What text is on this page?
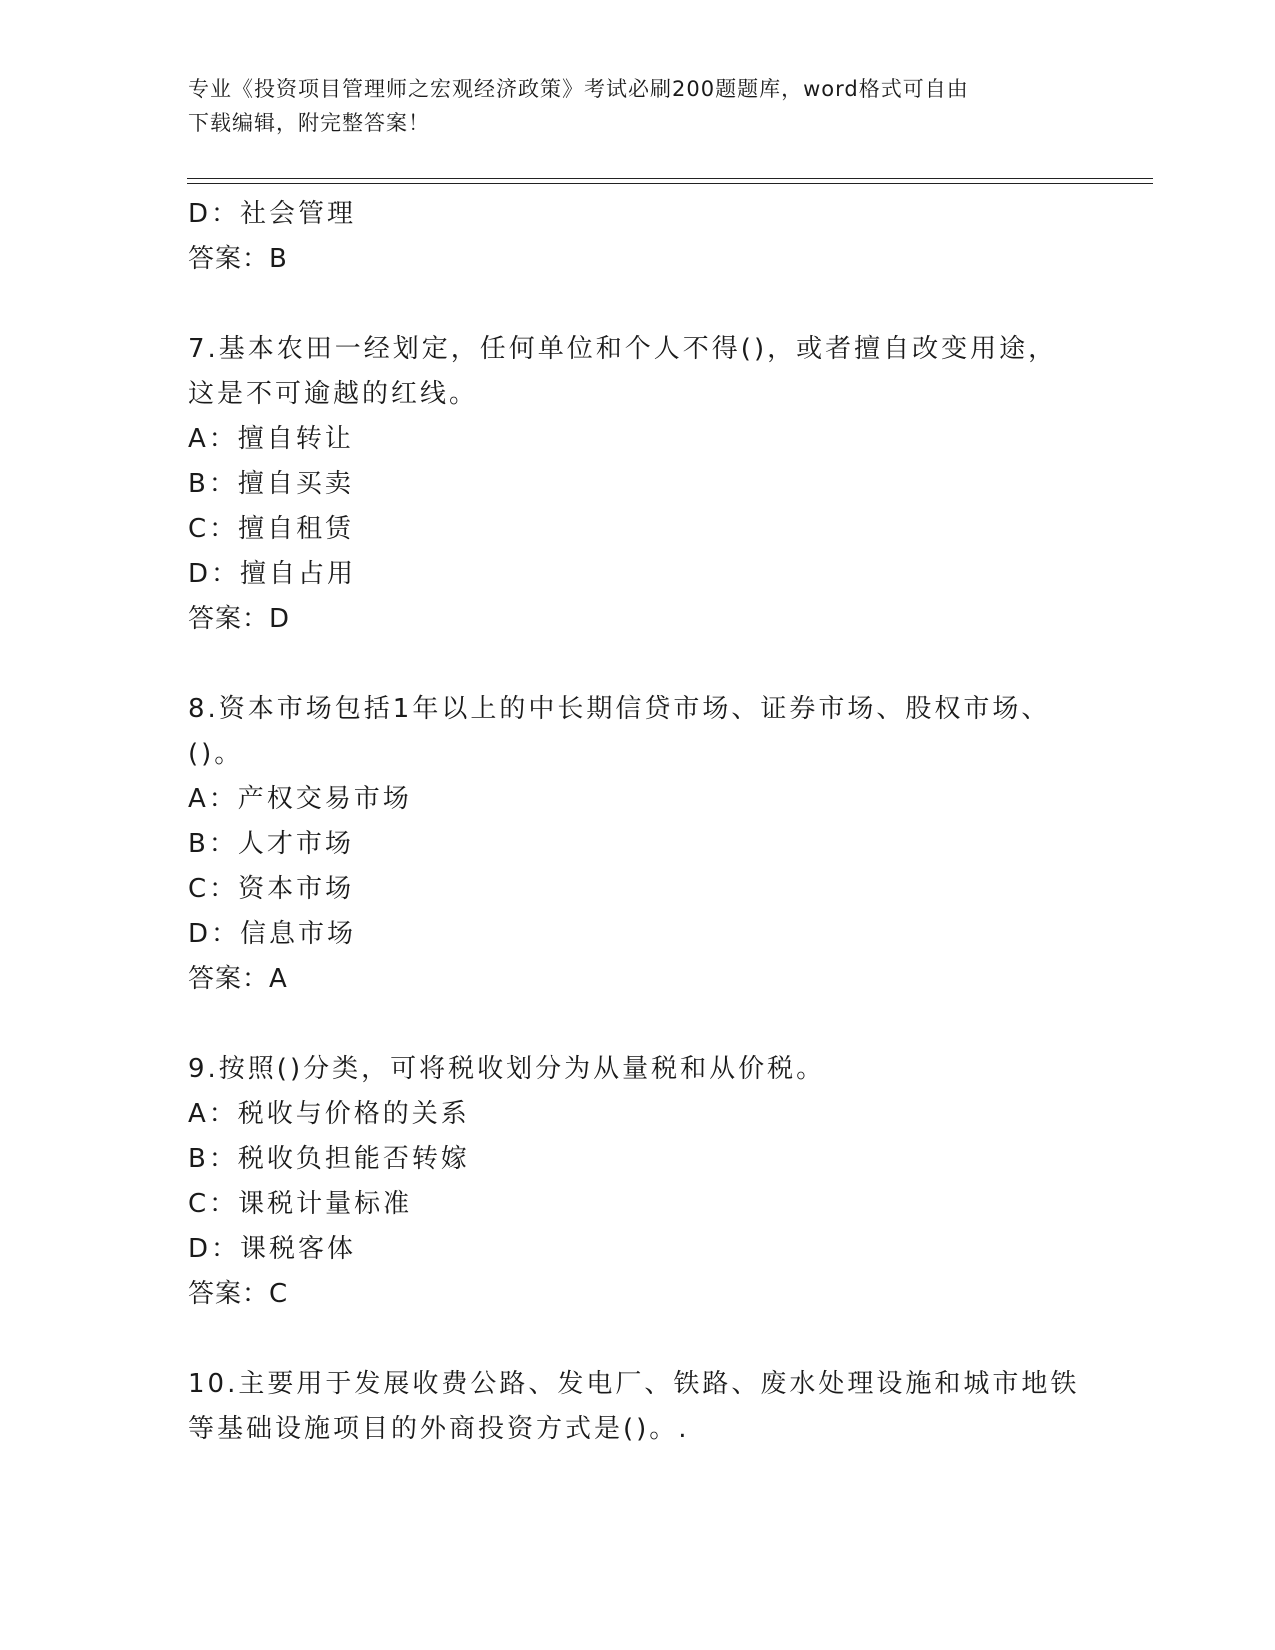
专业《投资项目管理师之宏观经济政策》考试必刷200题题库，word格式可自由
下载编辑，附完整答案！
D：社会管理
答案：B
7.基本农田一经划定，任何单位和个人不得()，或者擅自改变用途，
这是不可逾越的红线。
A：擅自转让
B：擅自买卖
C：擅自租赁
D：擅自占用
答案：D
8.资本市场包括1年以上的中长期信贷市场、证券市场、股权市场、
()。
A：产权交易市场
B：人才市场
C：资本市场
D：信息市场
答案：A
9.按照()分类，可将税收划分为从量税和从价税。
A：税收与价格的关系
B：税收负担能否转嫁
C：课税计量标准
D：课税客体
答案：C
10.主要用于发展收费公路、发电厂、铁路、废水处理设施和城市地铁
等基础设施项目的外商投资方式是()。.
